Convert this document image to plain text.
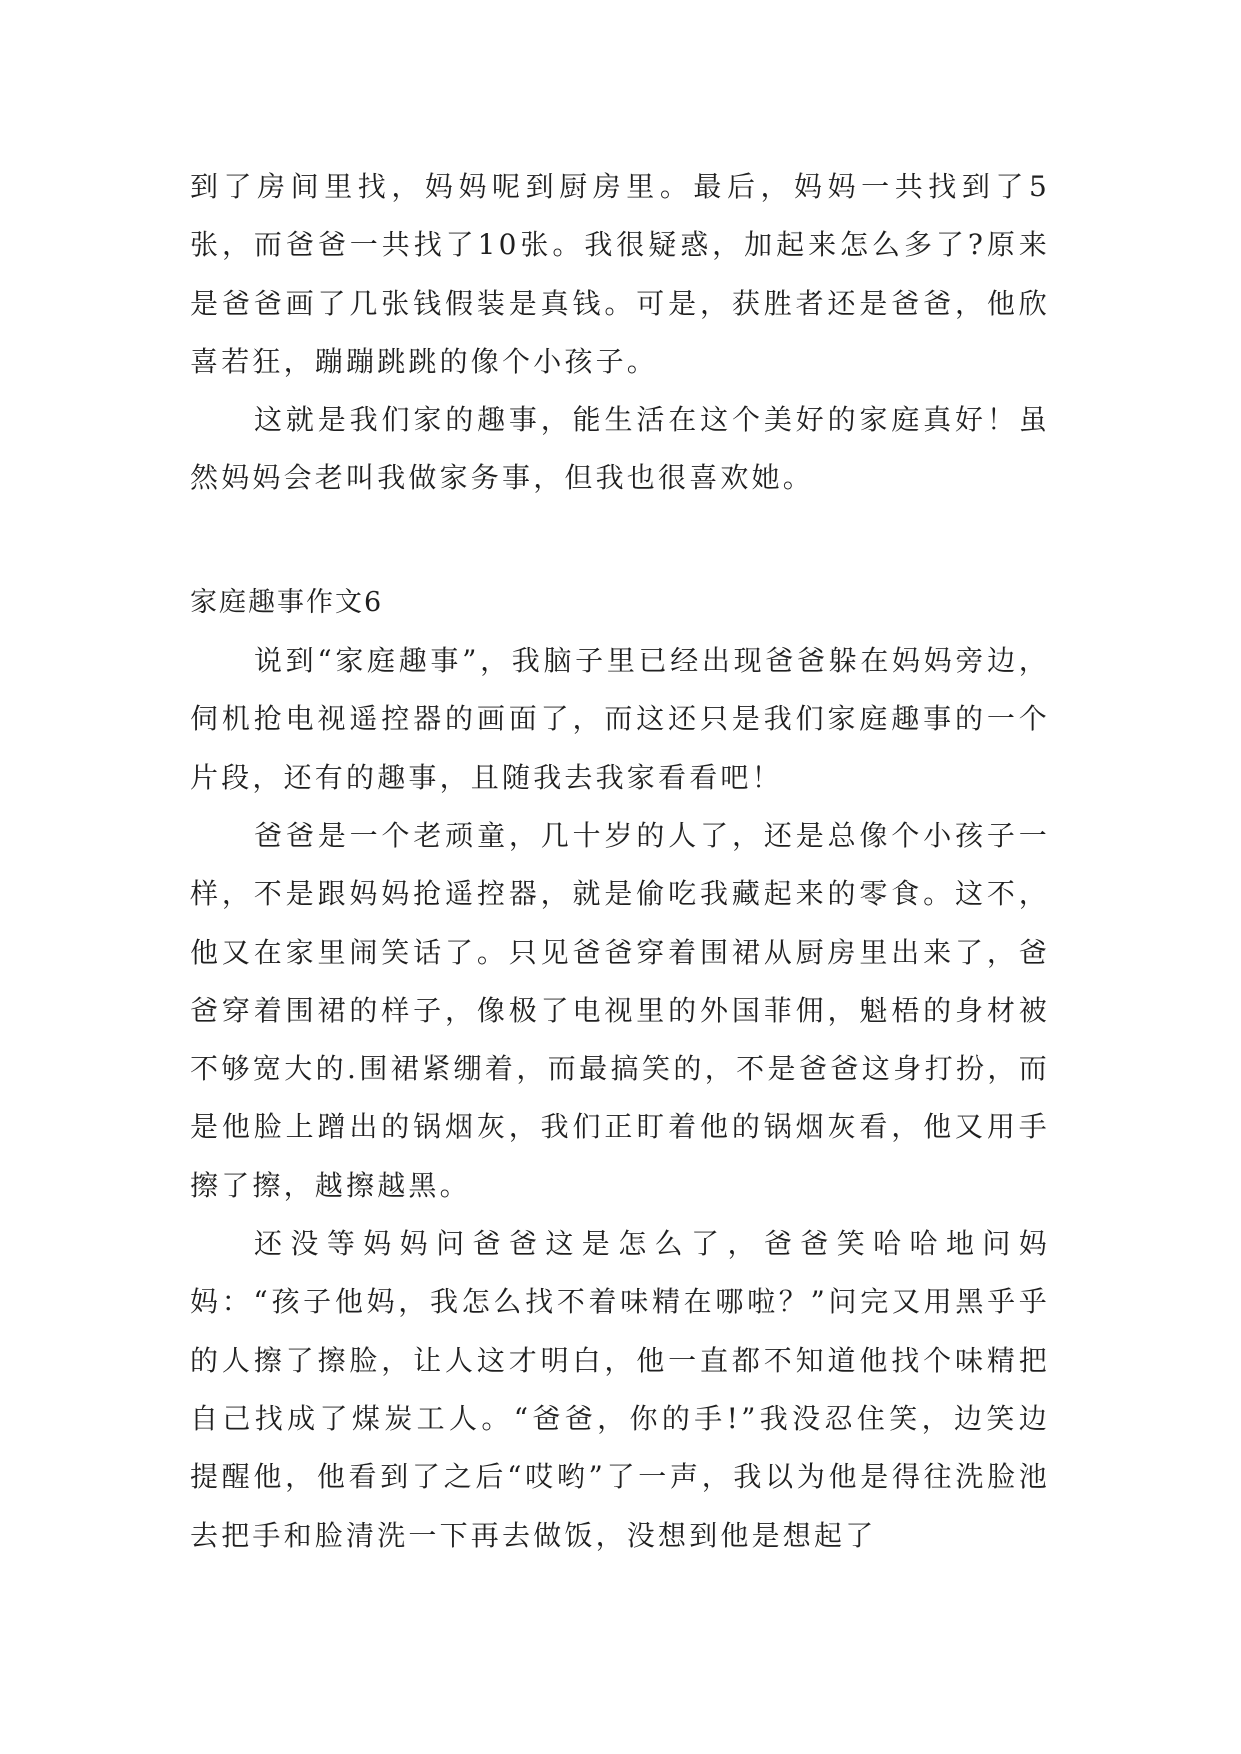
到了房间里找，妈妈呢到厨房里。最后，妈妈一共找到了5张，而爸爸一共找了10张。我很疑惑，加起来怎么多了?原来是爸爸画了几张钱假装是真钱。可是，获胜者还是爸爸，他欣喜若狂，蹦蹦跳跳的像个小孩子。

这就是我们家的趣事，能生活在这个美好的家庭真好！虽然妈妈会老叫我做家务事，但我也很喜欢她。

家庭趣事作文6

说到“家庭趣事”，我脑子里已经出现爸爸躲在妈妈旁边，伺机抢电视遥控器的画面了，而这还只是我们家庭趣事的一个片段，还有的趣事，且随我去我家看看吧！

爸爸是一个老顽童，几十岁的人了，还是总像个小孩子一样，不是跟妈妈抢遥控器，就是偷吃我藏起来的零食。这不，他又在家里闹笑话了。只见爸爸穿着围裙从厨房里出来了，爸爸穿着围裙的样子，像极了电视里的外国菲佣，魁梧的身材被不够宽大的.围裙紧绷着，而最搞笑的，不是爸爸这身打扮，而是他脸上蹭出的锅烟灰，我们正盯着他的锅烟灰看，他又用手擦了擦，越擦越黑。

还没等妈妈问爸爸这是怎么了，爸爸笑哈哈地问妈妈：“孩子他妈，我怎么找不着味精在哪啦？”问完又用黑乎乎的人擦了擦脸，让人这才明白，他一直都不知道他找个味精把自己找成了煤炭工人。“爸爸，你的手!”我没忍住笑，边笑边提醒他，他看到了之后“哎哟”了一声，我以为他是得往洗脸池去把手和脸清洗一下再去做饭，没想到他是想起了
